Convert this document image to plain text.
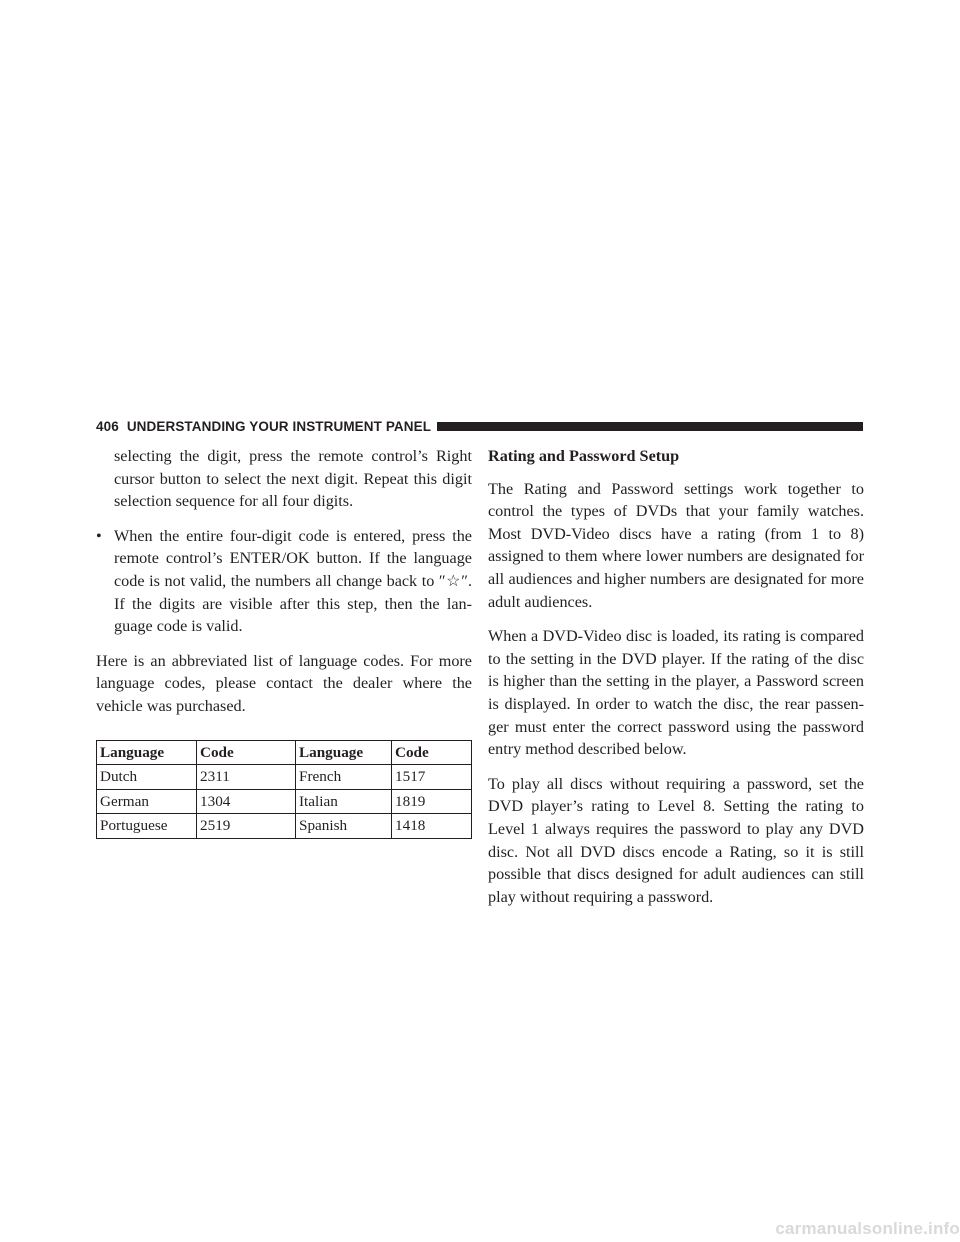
406 UNDERSTANDING YOUR INSTRUMENT PANEL

selecting the digit, press the remote control’s Right cursor button to select the next digit. Repeat this digit selection sequence for all four digits.

• When the entire four-digit code is entered, press the remote control’s ENTER/OK button. If the language code is not valid, the numbers all change back to ″☆″. If the digits are visible after this step, then the lan-guage code is valid.

Here is an abbreviated list of language codes. For more language codes, please contact the dealer where the vehicle was purchased.

Language	Code	Language	Code
Dutch	2311	French	1517
German	1304	Italian	1819
Portuguese	2519	Spanish	1418
Rating and Password Setup

The Rating and Password settings work together to control the types of DVDs that your family watches. Most DVD-Video discs have a rating (from 1 to 8) assigned to them where lower numbers are designated for all audiences and higher numbers are designated for more adult audiences.

When a DVD-Video disc is loaded, its rating is compared to the setting in the DVD player. If the rating of the disc is higher than the setting in the player, a Password screen is displayed. In order to watch the disc, the rear passen-ger must enter the correct password using the password entry method described below.

To play all discs without requiring a password, set the DVD player’s rating to Level 8. Setting the rating to Level 1 always requires the password to play any DVD disc. Not all DVD discs encode a Rating, so it is still possible that discs designed for adult audiences can still play without requiring a password.

carmanualsonline.info
